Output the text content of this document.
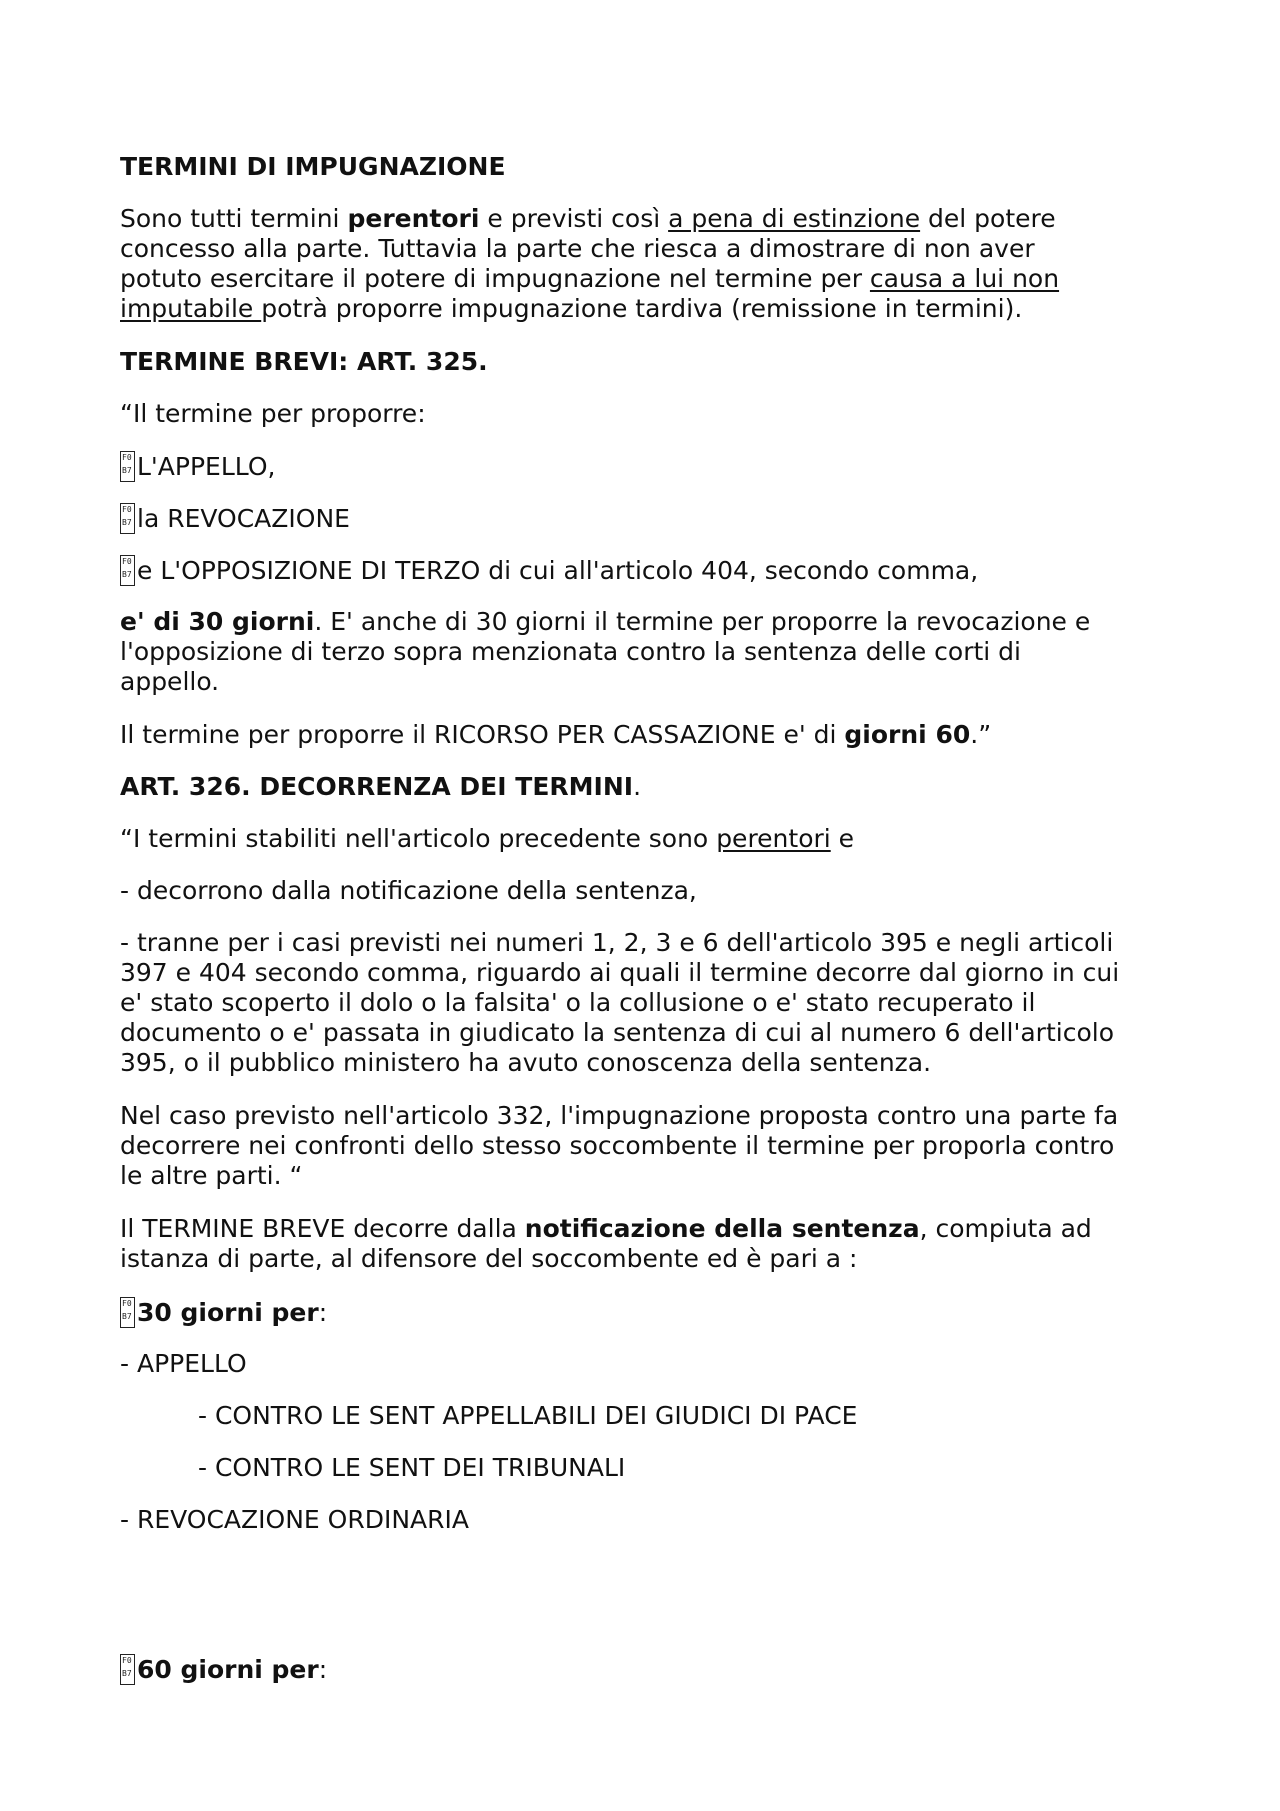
TERMINI DI IMPUGNAZIONE

Sono tutti termini perentori e previsti così a pena di estinzione del potere
concesso alla parte. Tuttavia la parte che riesca a dimostrare di non aver
potuto esercitare il potere di impugnazione nel termine per causa a lui non
imputabile potrà proporre impugnazione tardiva (remissione in termini).

TERMINE BREVI: ART. 325.

“Il termine per proporre:

F0
B7 L'APPELLO,
F0
B7 la REVOCAZIONE
F0
B7 e L'OPPOSIZIONE DI TERZO di cui all'articolo 404, secondo comma,
e' di 30 giorni. E' anche di 30 giorni il termine per proporre la revocazione e
l'opposizione di terzo sopra menzionata contro la sentenza delle corti di
appello.
Il termine per proporre il RICORSO PER CASSAZIONE e' di giorni 60.”
ART. 326. DECORRENZA DEI TERMINI.
“I termini stabiliti nell'articolo precedente sono perentori e

- decorrono dalla notificazione della sentenza,

- tranne per i casi previsti nei numeri 1, 2, 3 e 6 dell'articolo 395 e negli articoli
397 e 404 secondo comma, riguardo ai quali il termine decorre dal giorno in cui
e' stato scoperto il dolo o la falsita' o la collusione o e' stato recuperato il
documento o e' passata in giudicato la sentenza di cui al numero 6 dell'articolo
395, o il pubblico ministero ha avuto conoscenza della sentenza.
Nel caso previsto nell'articolo 332, l'impugnazione proposta contro una parte fa
decorrere nei confronti dello stesso soccombente il termine per proporla contro
le altre parti. “
Il TERMINE BREVE decorre dalla notificazione della sentenza, compiuta ad
istanza di parte, al difensore del soccombente ed è pari a :
F0
B7 30 giorni per:

- APPELLO

- CONTRO LE SENT APPELLABILI DEI GIUDICI DI PACE

- CONTRO LE SENT DEI TRIBUNALI

- REVOCAZIONE ORDINARIA

F0
B7 60 giorni per:
